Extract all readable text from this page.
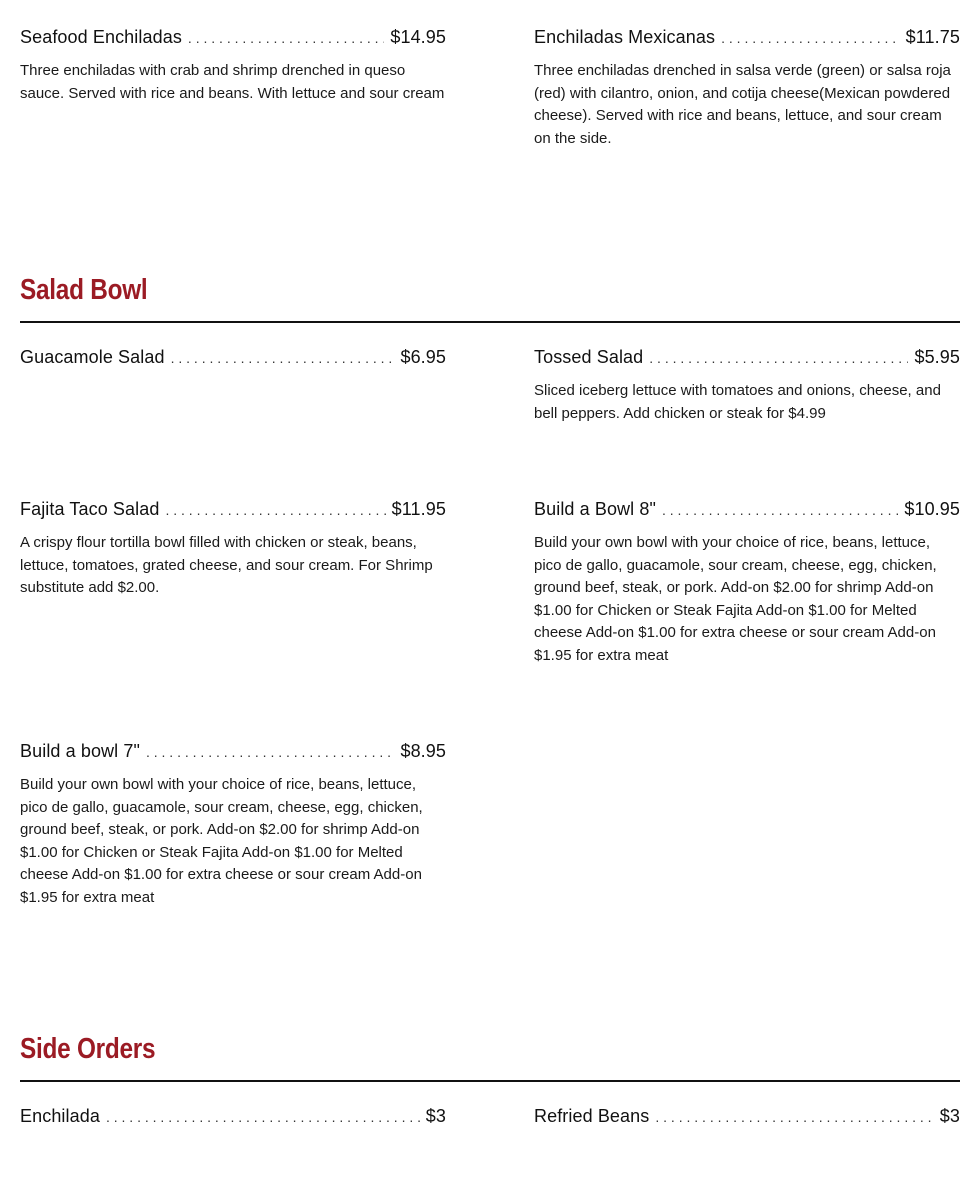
Seafood Enchiladas . . .	$14.95
Three enchiladas with crab and shrimp drenched in queso sauce. Served with rice and beans. With lettuce and sour cream
Enchiladas Mexicanas . . .	$11.75
Three enchiladas drenched in salsa verde (green) or salsa roja (red) with cilantro, onion, and cotija cheese(Mexican powdered cheese). Served with rice and beans, lettuce, and sour cream on the side.
Salad Bowl
Guacamole Salad . . .	$6.95	Tossed Salad . . .	$5.95
Sliced iceberg lettuce with tomatoes and onions, cheese, and bell peppers. Add chicken or steak for $4.99
Fajita Taco Salad . . .	$11.95
A crispy flour tortilla bowl filled with chicken or steak, beans, lettuce, tomatoes, grated cheese, and sour cream. For Shrimp substitute add $2.00.
Build a Bowl 8" . . .	$10.95
Build your own bowl with your choice of rice, beans, lettuce, pico de gallo, guacamole, sour cream, cheese, egg, chicken, ground beef, steak, or pork. Add-on $2.00 for shrimp Add-on $1.00 for Chicken or Steak Fajita Add-on $1.00 for Melted cheese Add-on $1.00 for extra cheese or sour cream Add-on $1.95 for extra meat
Build a bowl 7" . . .	$8.95
Build your own bowl with your choice of rice, beans, lettuce, pico de gallo, guacamole, sour cream, cheese, egg, chicken, ground beef, steak, or pork. Add-on $2.00 for shrimp Add-on $1.00 for Chicken or Steak Fajita Add-on $1.00 for Melted cheese Add-on $1.00 for extra cheese or sour cream Add-on $1.95 for extra meat
Side Orders
Enchilada . . .	$3	Refried Beans . . .	$3
